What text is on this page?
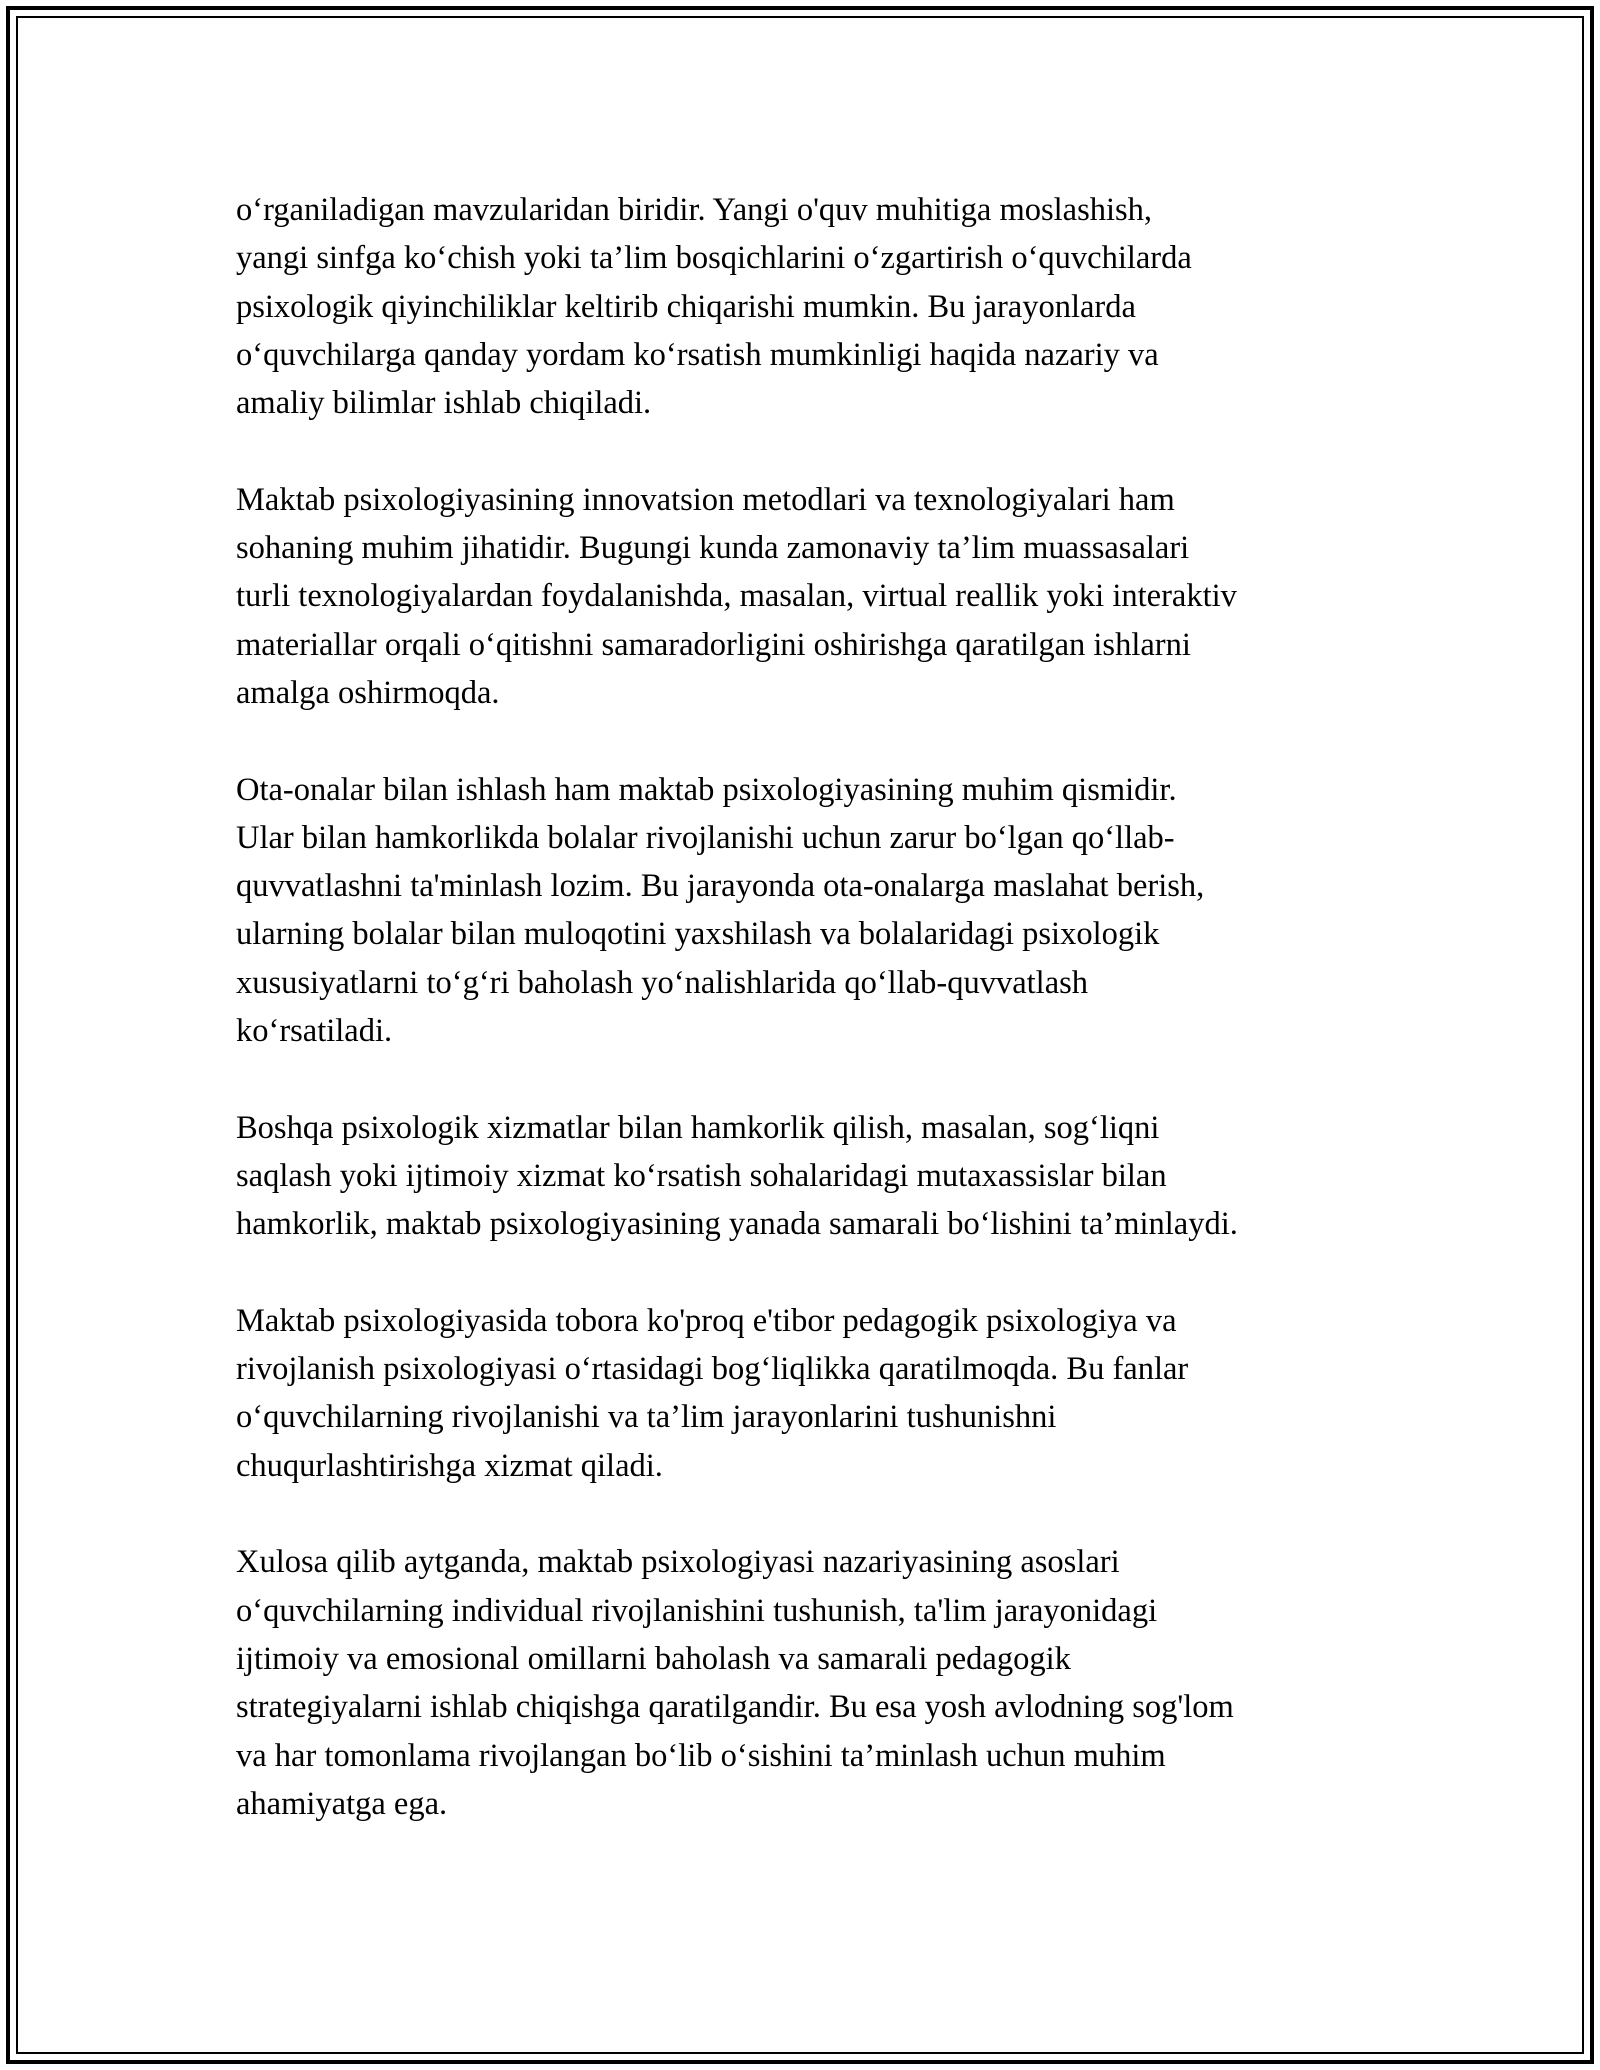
o‘rganiladigan mavzularidan biridir. Yangi o'quv muhitiga moslashish,
yangi sinfga ko‘chish yoki ta’lim bosqichlarini o‘zgartirish o‘quvchilarda
psixologik qiyinchiliklar keltirib chiqarishi mumkin. Bu jarayonlarda
o‘quvchilarga qanday yordam ko‘rsatish mumkinligi haqida nazariy va
amaliy bilimlar ishlab chiqiladi.

Maktab psixologiyasining innovatsion metodlari va texnologiyalari ham
sohaning muhim jihatidir. Bugungi kunda zamonaviy ta’lim muassasalari
turli texnologiyalardan foydalanishda, masalan, virtual reallik yoki interaktiv
materiallar orqali o‘qitishni samaradorligini oshirishga qaratilgan ishlarni
amalga oshirmoqda.

Ota-onalar bilan ishlash ham maktab psixologiyasining muhim qismidir.
Ular bilan hamkorlikda bolalar rivojlanishi uchun zarur bo‘lgan qo‘llab-
quvvatlashni ta'minlash lozim. Bu jarayonda ota-onalarga maslahat berish,
ularning bolalar bilan muloqotini yaxshilash va bolalaridagi psixologik
xususiyatlarni to‘g‘ri baholash yo‘nalishlarida qo‘llab-quvvatlash
ko‘rsatiladi.

Boshqa psixologik xizmatlar bilan hamkorlik qilish, masalan, sog‘liqni
saqlash yoki ijtimoiy xizmat ko‘rsatish sohalaridagi mutaxassislar bilan
hamkorlik, maktab psixologiyasining yanada samarali bo‘lishini ta’minlaydi.

Maktab psixologiyasida tobora ko'proq e'tibor pedagogik psixologiya va
rivojlanish psixologiyasi o‘rtasidagi bog‘liqlikka qaratilmoqda. Bu fanlar
o‘quvchilarning rivojlanishi va ta’lim jarayonlarini tushunishni
chuqurlashtirishga xizmat qiladi.

Xulosa qilib aytganda, maktab psixologiyasi nazariyasining asoslari
o‘quvchilarning individual rivojlanishini tushunish, ta'lim jarayonidagi
ijtimoiy va emosional omillarni baholash va samarali pedagogik
strategiyalarni ishlab chiqishga qaratilgandir. Bu esa yosh avlodning sog'lom
va har tomonlama rivojlangan bo‘lib o‘sishini ta’minlash uchun muhim
ahamiyatga ega.
